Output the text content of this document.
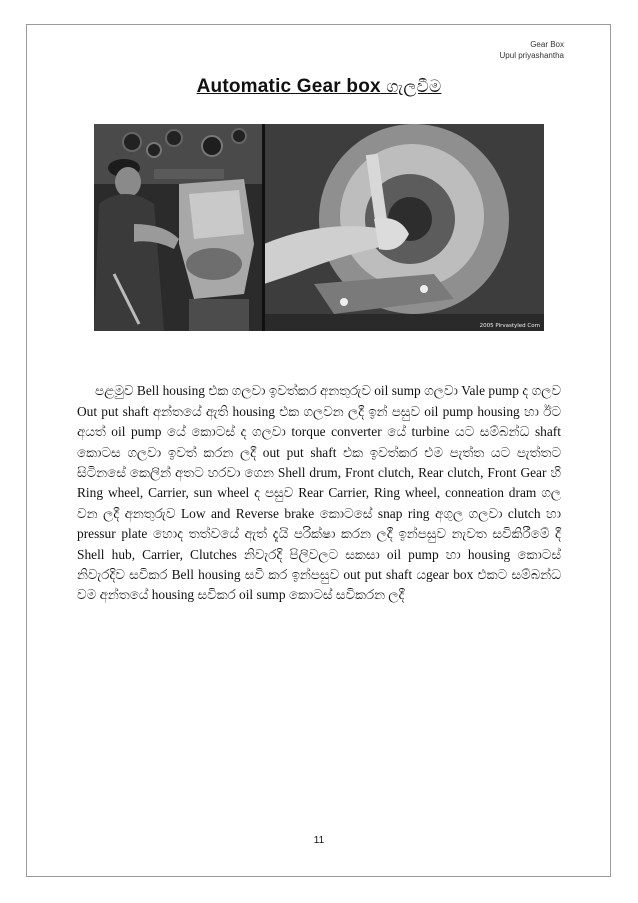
Gear Box
Upul priyashantha
Automatic Gear box ගැලවීම
2005 Pirvastyled Com

පළමුව Bell housing එක ගලවා ඉවත්කර අනතුරුව oil sump ගලවා Vale pump ද ගලව Out put shaft අන්තයේ ඇති housing එක ගලවන ලදී ඉන් පසුව oil pump housing හා ඊට අයත් oil pump යේ කොටස් ද ගලවා torque converter යේ turbine යට සම්බන්ධ shaft කොටස ගලවා ඉවත් කරන ලදී out put shaft එක ඉවත්කර එම පැත්ත යට පැත්තට සිටිනසේ කෙලින් අතට හරවා ගෙන Shell drum, Front clutch, Rear clutch, Front Gear හි Ring wheel, Carrier, sun wheel ද පසුව Rear Carrier, Ring wheel, conneation dram ගල වන ලදී අනතුරුව Low and Reverse brake කොටසේ snap ring අගුල ගලවා clutch හා pressur plate හොද තත්වයේ ඇත් දැයි පරික්ෂා කරන ලදී ඉන්පසුව නැවත සවිකිරීමේ දී Shell hub, Carrier, Clutches නිවැරදි පිලිවලට සකසා oil pump හා housing කොටස් නිවැරදිව සවිකර Bell housing සවි කර ඉන්පසුව out put shaft යgear box එකට සම්බන්ධ වම අන්තයේ housing සවිකර oil sump කොටස් සවිකරන ලදී

11
